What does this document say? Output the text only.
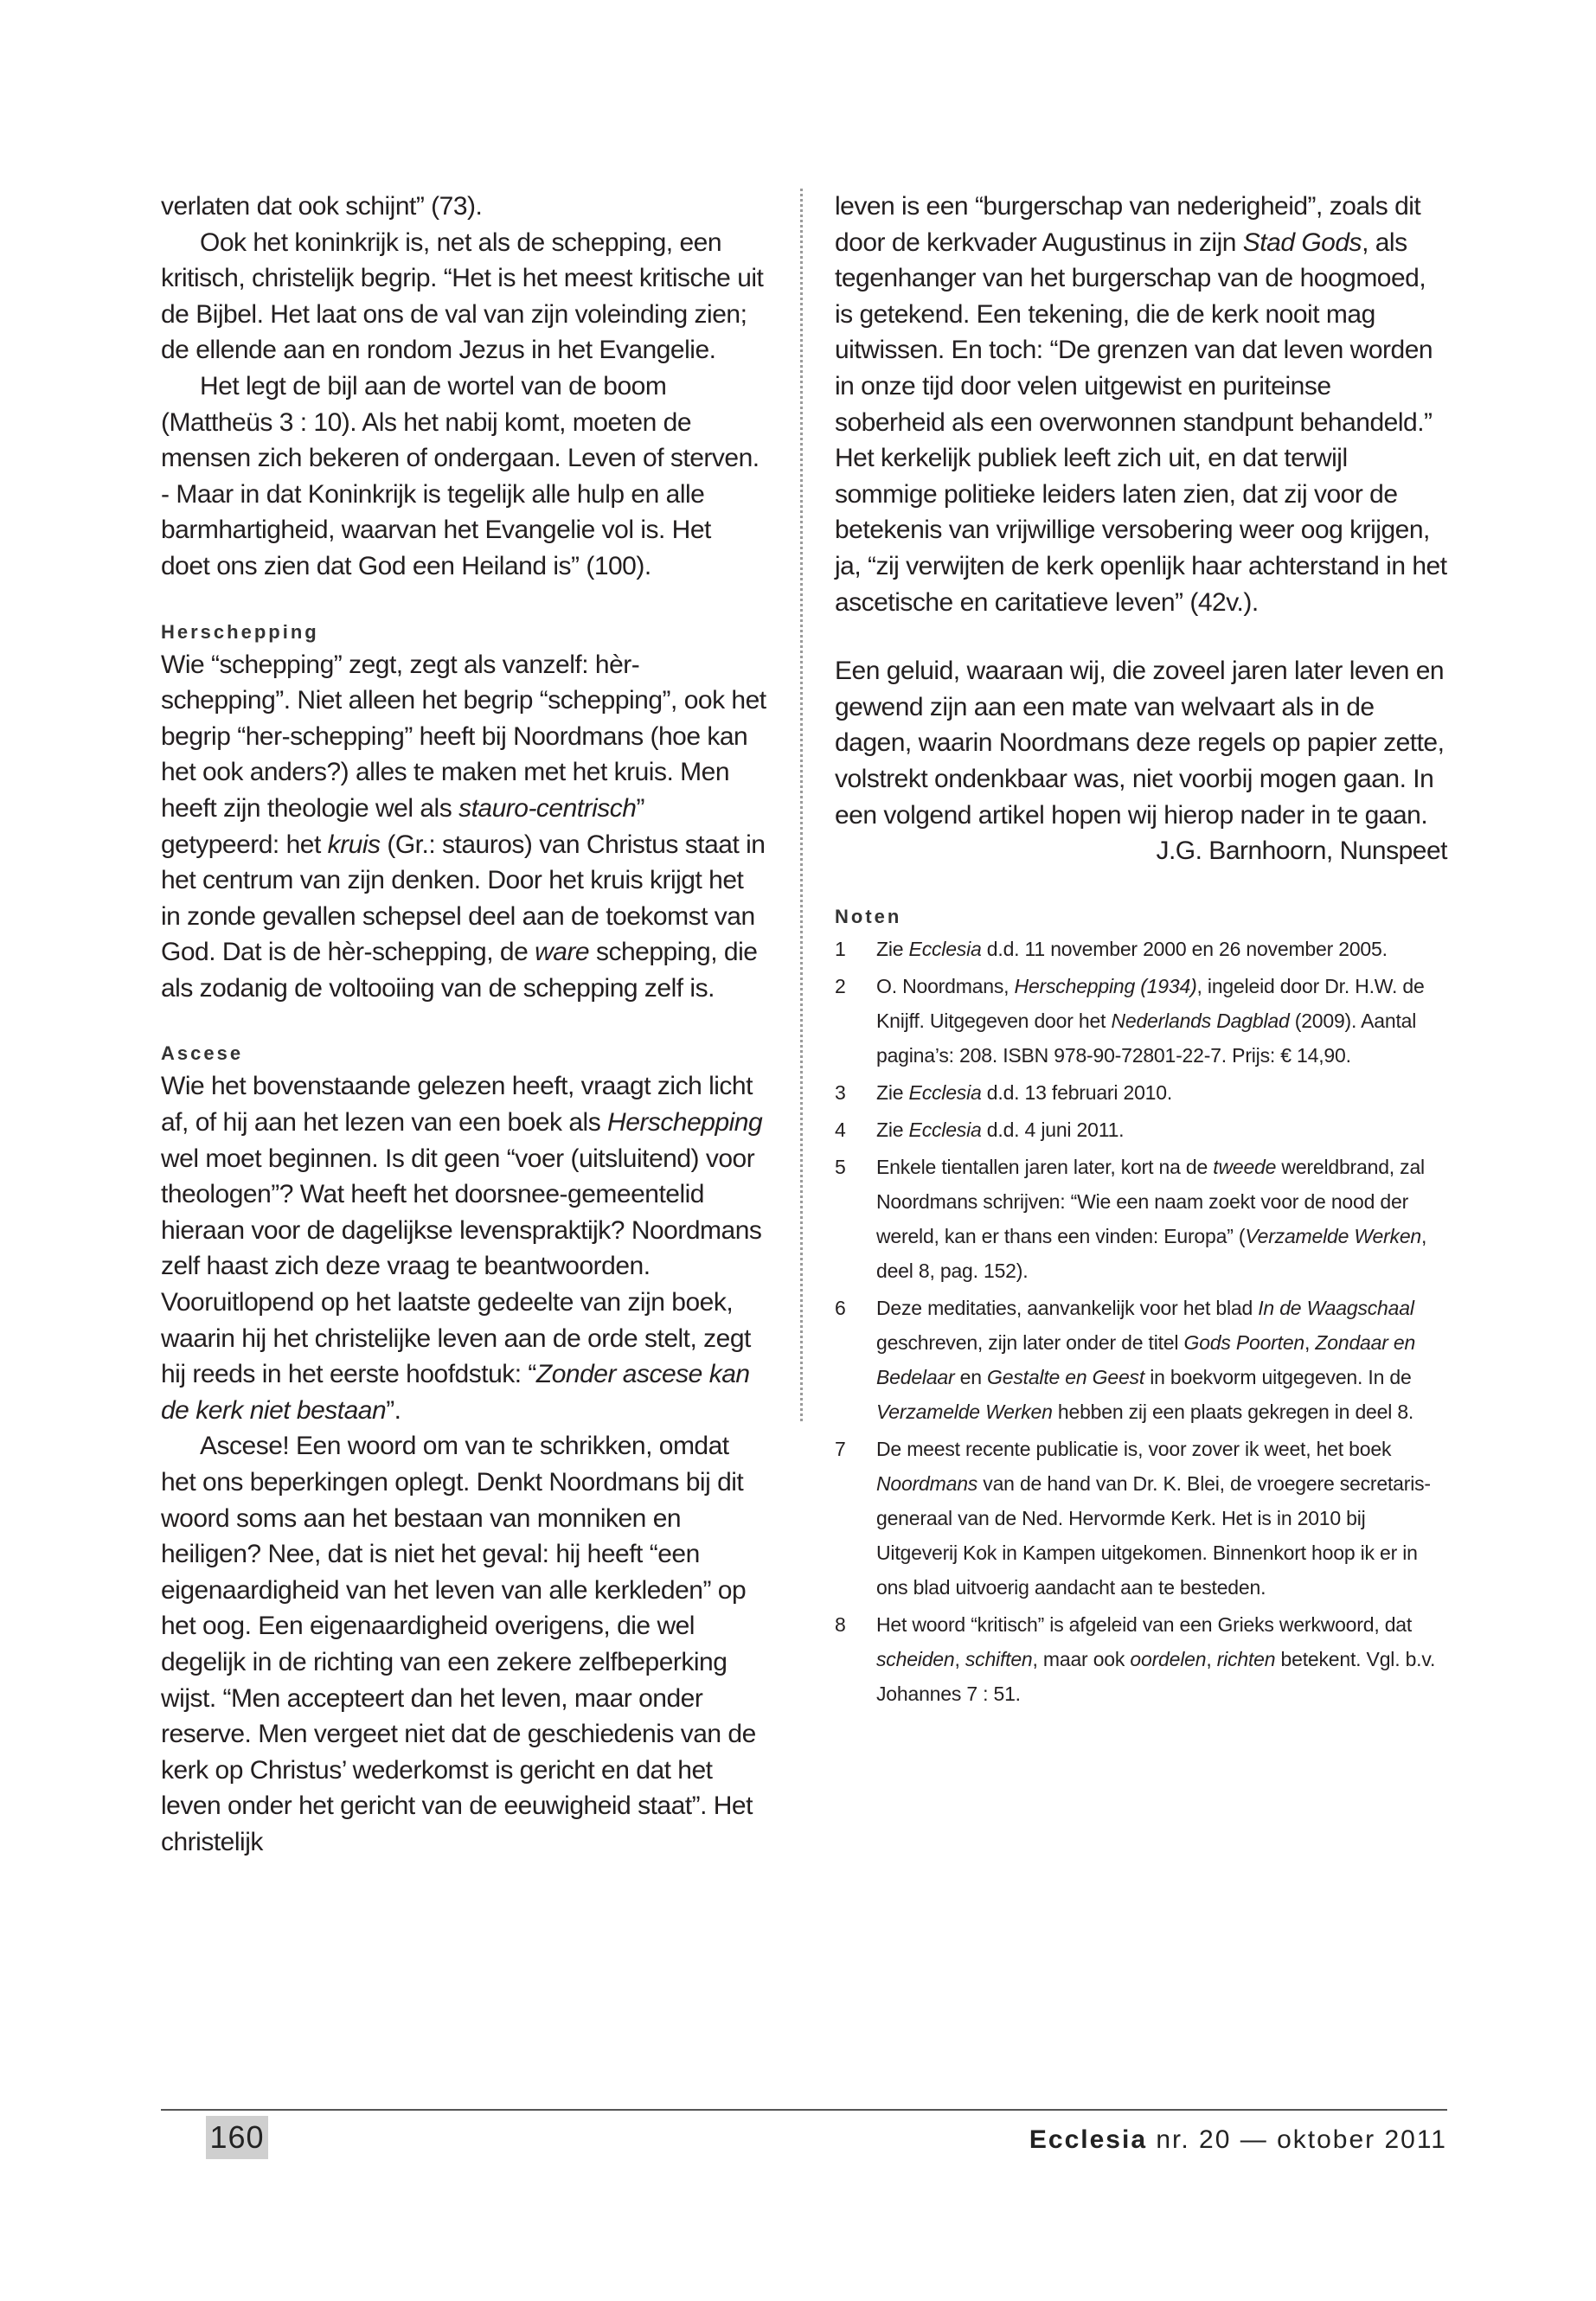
verlaten dat ook schijnt” (73).

Ook het koninkrijk is, net als de schepping, een kritisch, christelijk begrip. “Het is het meest kritische uit de Bijbel. Het laat ons de val van zijn voleinding zien; de ellende aan en rondom Jezus in het Evangelie.

Het legt de bijl aan de wortel van de boom (Mattheüs 3 : 10). Als het nabij komt, moeten de mensen zich bekeren of ondergaan. Leven of sterven. - Maar in dat Koninkrijk is tegelijk alle hulp en alle barmhartigheid, waarvan het Evangelie vol is. Het doet ons zien dat God een Heiland is” (100).

Herschepping

Wie “schepping” zegt, zegt als vanzelf: hèr-schepping”. Niet alleen het begrip “schepping”, ook het begrip “her-schepping” heeft bij Noordmans (hoe kan het ook anders?) alles te maken met het kruis. Men heeft zijn theologie wel als stauro-centrisch” getypeerd: het kruis (Gr.: stauros) van Christus staat in het centrum van zijn denken. Door het kruis krijgt het in zonde gevallen schepsel deel aan de toekomst van God. Dat is de hèr-schepping, de ware schepping, die als zodanig de voltooiing van de schepping zelf is.

Ascese

Wie het bovenstaande gelezen heeft, vraagt zich licht af, of hij aan het lezen van een boek als Herschepping wel moet beginnen. Is dit geen “voer (uitsluitend) voor theologen”? Wat heeft het doorsnee-gemeentelid hieraan voor de dagelijkse levenspraktijk? Noordmans zelf haast zich deze vraag te beantwoorden. Vooruitlopend op het laatste gedeelte van zijn boek, waarin hij het christelijke leven aan de orde stelt, zegt hij reeds in het eerste hoofdstuk: “Zonder ascese kan de kerk niet bestaan”.

Ascese! Een woord om van te schrikken, omdat het ons beperkingen oplegt. Denkt Noordmans bij dit woord soms aan het bestaan van monniken en heiligen? Nee, dat is niet het geval: hij heeft “een eigenaardigheid van het leven van alle kerkleden” op het oog. Een eigenaardigheid overigens, die wel degelijk in de richting van een zekere zelfbeperking wijst. “Men accepteert dan het leven, maar onder reserve. Men vergeet niet dat de geschiedenis van de kerk op Christus’ wederkomst is gericht en dat het leven onder het gericht van de eeuwigheid staat”. Het christelijk

leven is een “burgerschap van nederigheid”, zoals dit door de kerkvader Augustinus in zijn Stad Gods, als tegenhanger van het burgerschap van de hoogmoed, is getekend. Een tekening, die de kerk nooit mag uitwissen. En toch: “De grenzen van dat leven worden in onze tijd door velen uitgewist en puriteinse soberheid als een overwonnen standpunt behandeld.” Het kerkelijk publiek leeft zich uit, en dat terwijl sommige politieke leiders laten zien, dat zij voor de betekenis van vrijwillige versobering weer oog krijgen, ja, “zij verwijten de kerk openlijk haar achterstand in het ascetische en caritatieve leven” (42v.).

Een geluid, waaraan wij, die zoveel jaren later leven en gewend zijn aan een mate van welvaart als in de dagen, waarin Noordmans deze regels op papier zette, volstrekt ondenkbaar was, niet voorbij mogen gaan. In een volgend artikel hopen wij hierop nader in te gaan.

J.G. Barnhoorn, Nunspeet

Noten
1 Zie Ecclesia d.d. 11 november 2000 en 26 november 2005.
2 O. Noordmans, Herschepping (1934), ingeleid door Dr. H.W. de Knijff. Uitgegeven door het Nederlands Dagblad (2009). Aantal pagina’s: 208. ISBN 978-90-72801-22-7. Prijs: € 14,90.
3 Zie Ecclesia d.d. 13 februari 2010.
4 Zie Ecclesia d.d. 4 juni 2011.
5 Enkele tientallen jaren later, kort na de tweede wereldbrand, zal Noordmans schrijven: “Wie een naam zoekt voor de nood der wereld, kan er thans een vinden: Europa” (Verzamelde Werken, deel 8, pag. 152).
6 Deze meditaties, aanvankelijk voor het blad In de Waagschaal geschreven, zijn later onder de titel Gods Poorten, Zondaar en Bedelaar en Gestalte en Geest in boekvorm uitgegeven. In de Verzamelde Werken hebben zij een plaats gekregen in deel 8.
7 De meest recente publicatie is, voor zover ik weet, het boek Noordmans van de hand van Dr. K. Blei, de vroegere secretaris-generaal van de Ned. Hervormde Kerk. Het is in 2010 bij Uitgeverij Kok in Kampen uitgekomen. Binnenkort hoop ik er in ons blad uitvoerig aandacht aan te besteden.
8 Het woord “kritisch” is afgeleid van een Grieks werkwoord, dat scheiden, schiften, maar ook oordelen, richten betekent. Vgl. b.v. Johannes 7 : 51.
160	Ecclesia nr. 20 — oktober 2011
